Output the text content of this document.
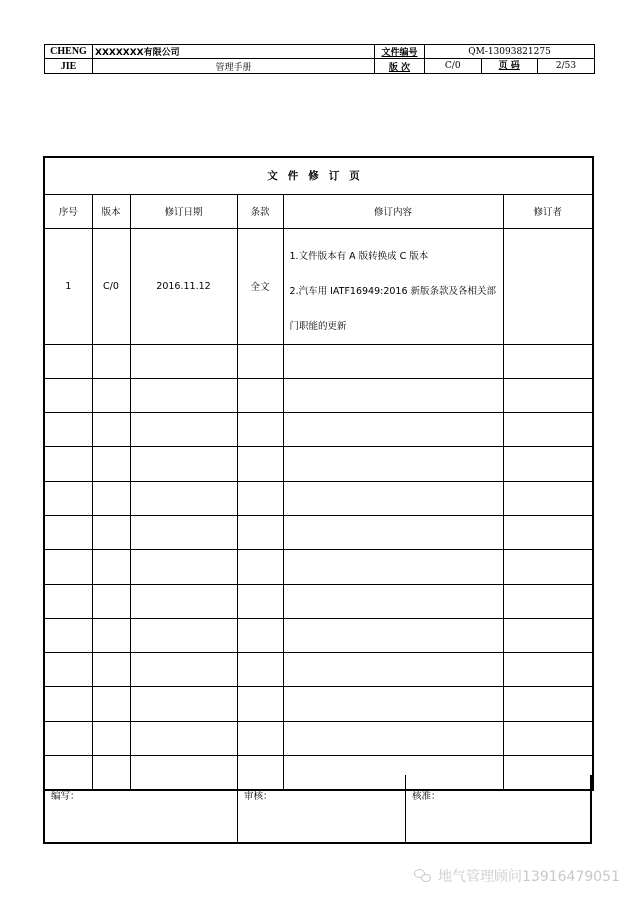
CHENG	XXXXXXX有限公司	文件编号	QM-13093821275	
JIE	管理手册	版 次	C/0 页 码	2/53
文件修订页					
序号	版本	修订日期	条款	修订内容	修订者
1	C/0	2016.11.12	全文	1.文件版本有 A 版转换成 C 版本
2.汽车用 IATF16949:2016 新版条款及各相关部
门职能的更新	

编写：	审核：	核准：
地气管理顾问13916479051
